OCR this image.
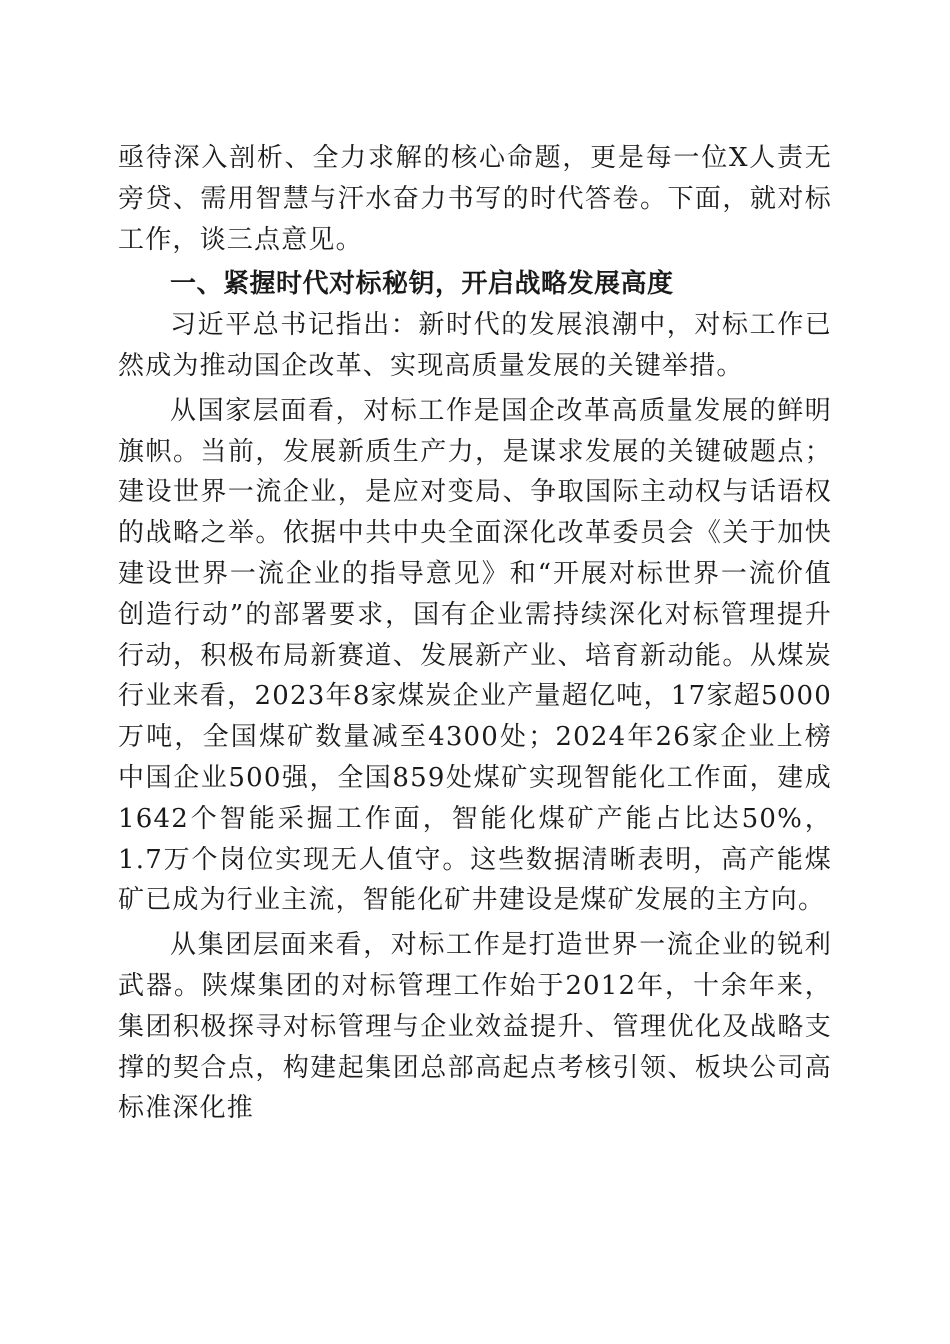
亟待深入剖析、全力求解的核心命题，更是每一位X人责无旁贷、需用智慧与汗水奋力书写的时代答卷。下面，就对标工作，谈三点意见。

一、紧握时代对标秘钥，开启战略发展高度

习近平总书记指出：新时代的发展浪潮中，对标工作已然成为推动国企改革、实现高质量发展的关键举措。

从国家层面看，对标工作是国企改革高质量发展的鲜明旗帜。当前，发展新质生产力，是谋求发展的关键破题点；建设世界一流企业，是应对变局、争取国际主动权与话语权的战略之举。依据中共中央全面深化改革委员会《关于加快建设世界一流企业的指导意见》和“开展对标世界一流价值创造行动”的部署要求，国有企业需持续深化对标管理提升行动，积极布局新赛道、发展新产业、培育新动能。从煤炭行业来看，2023年8家煤炭企业产量超亿吨，17家超5000万吨，全国煤矿数量减至4300处；2024年26家企业上榜中国企业500强，全国859处煤矿实现智能化工作面，建成1642个智能采掘工作面，智能化煤矿产能占比达50%，1.7万个岗位实现无人值守。这些数据清晰表明，高产能煤矿已成为行业主流，智能化矿井建设是煤矿发展的主方向。

从集团层面来看，对标工作是打造世界一流企业的锐利武器。陕煤集团的对标管理工作始于2012年，十余年来，集团积极探寻对标管理与企业效益提升、管理优化及战略支撑的契合点，构建起集团总部高起点考核引领、板块公司高标准深化推
